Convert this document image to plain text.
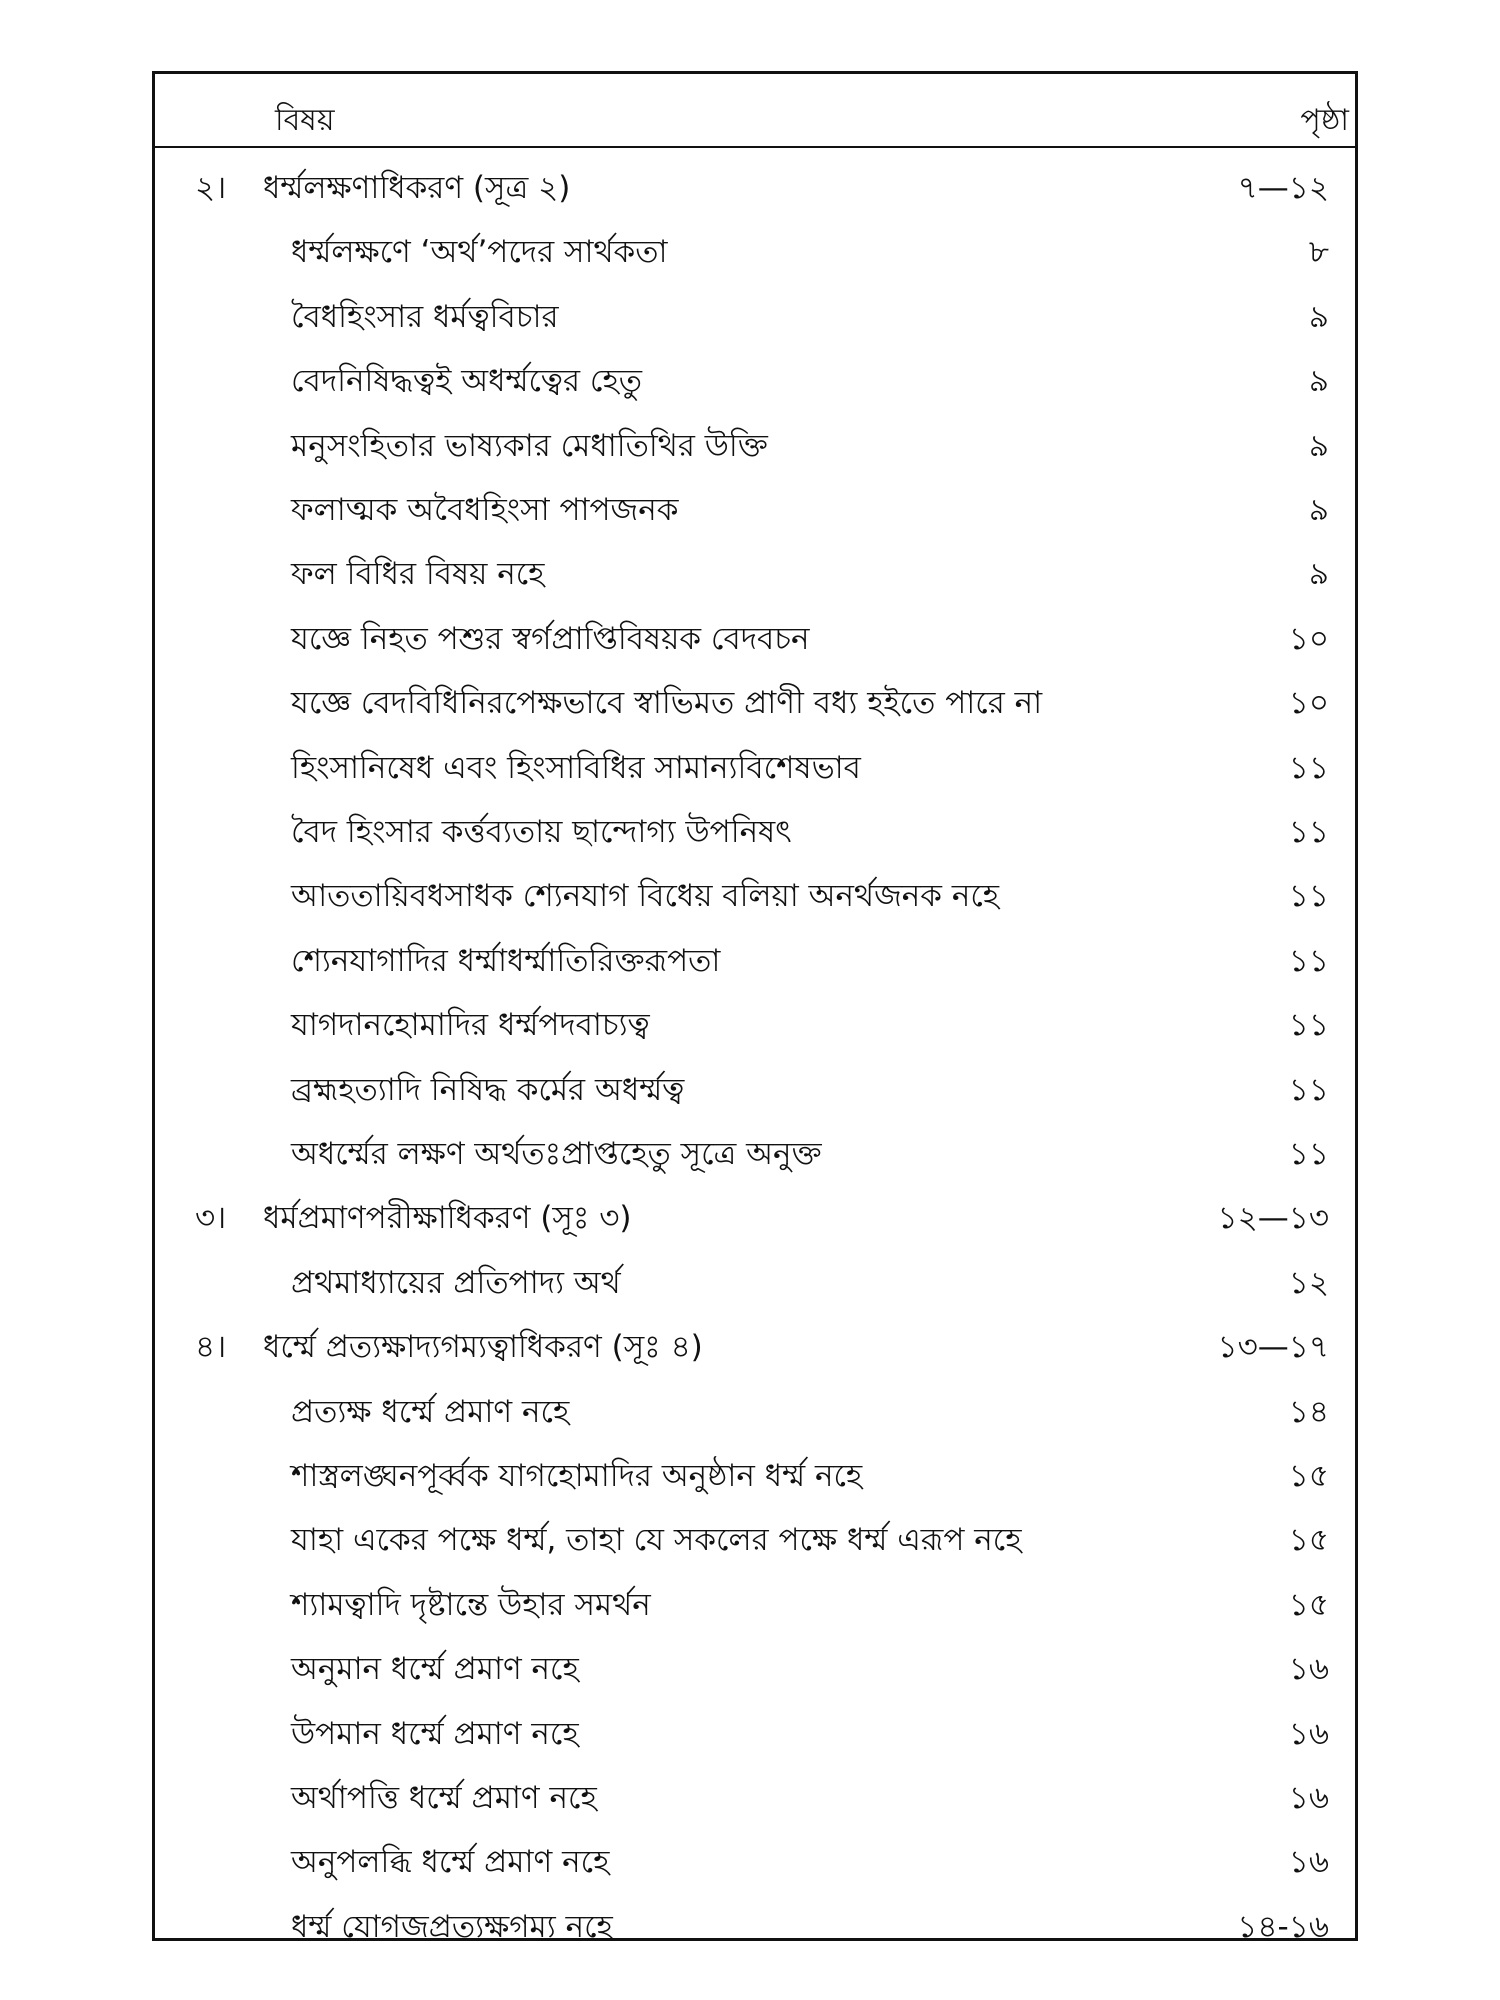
বিষয়	পৃষ্ঠা
২। ধর্ম্মলক্ষণাধিকরণ (সূত্র ২)	৭—১২
ধর্ম্মলক্ষণে ‘অর্থ’পদের সার্থকতা	৮
বৈধহিংসার ধর্মত্ববিচার	৯
বেদনিষিদ্ধত্বই অধর্ম্মত্বের হেতু	৯
মনুসংহিতার ভাষ্যকার মেধাতিথির উক্তি	৯
ফলাত্মক অবৈধহিংসা পাপজনক	৯
ফল বিধির বিষয় নহে	৯
যজ্ঞে নিহত পশুর স্বর্গপ্রাপ্তিবিষয়ক বেদবচন	১০
যজ্ঞে বেদবিধিনিরপেক্ষভাবে স্বাভিমত প্রাণী বধ্য হইতে পারে না	১০
হিংসানিষেধ এবং হিংসাবিধির সামান্যবিশেষভাব	১১
বৈদ হিংসার কর্ত্তব্যতায় ছান্দোগ্য উপনিষৎ	১১
আততায়িবধসাধক শ্যেনযাগ বিধেয় বলিয়া অনর্থজনক নহে	১১
শ্যেনযাগাদির ধর্ম্মাধর্ম্মাতিরিক্তরূপতা	১১
যাগদানহোমাদির ধর্ম্মপদবাচ্যত্ব	১১
ব্রহ্মহত্যাদি নিষিদ্ধ কর্মের অধর্ম্মত্ব	১১
অধর্ম্মের লক্ষণ অর্থতঃপ্রাপ্তহেতু সূত্রে অনুক্ত	১১
৩। ধর্মপ্রমাণপরীক্ষাধিকরণ (সূঃ ৩)	১২—১৩
প্রথমাধ্যায়ের প্রতিপাদ্য অর্থ	১২
৪। ধর্ম্মে প্রত্যক্ষাদ্যগম্যত্বাধিকরণ (সূঃ ৪)	১৩—১৭
প্রত্যক্ষ ধর্ম্মে প্রমাণ নহে	১৪
শাস্ত্রলঙ্ঘনপূর্ব্বক যাগহোমাদির অনুষ্ঠান ধর্ম্ম নহে	১৫
যাহা একের পক্ষে ধর্ম্ম, তাহা যে সকলের পক্ষে ধর্ম্ম এরূপ নহে	১৫
শ্যামত্বাদি দৃষ্টান্তে উহার সমর্থন	১৫
অনুমান ধর্ম্মে প্রমাণ নহে	১৬
উপমান ধর্ম্মে প্রমাণ নহে	১৬
অর্থাপত্তি ধর্ম্মে প্রমাণ নহে	১৬
অনুপলব্ধি ধর্ম্মে প্রমাণ নহে	১৬
ধর্ম্ম যোগজপ্রত্যক্ষগম্য নহে	১৪-১৬
